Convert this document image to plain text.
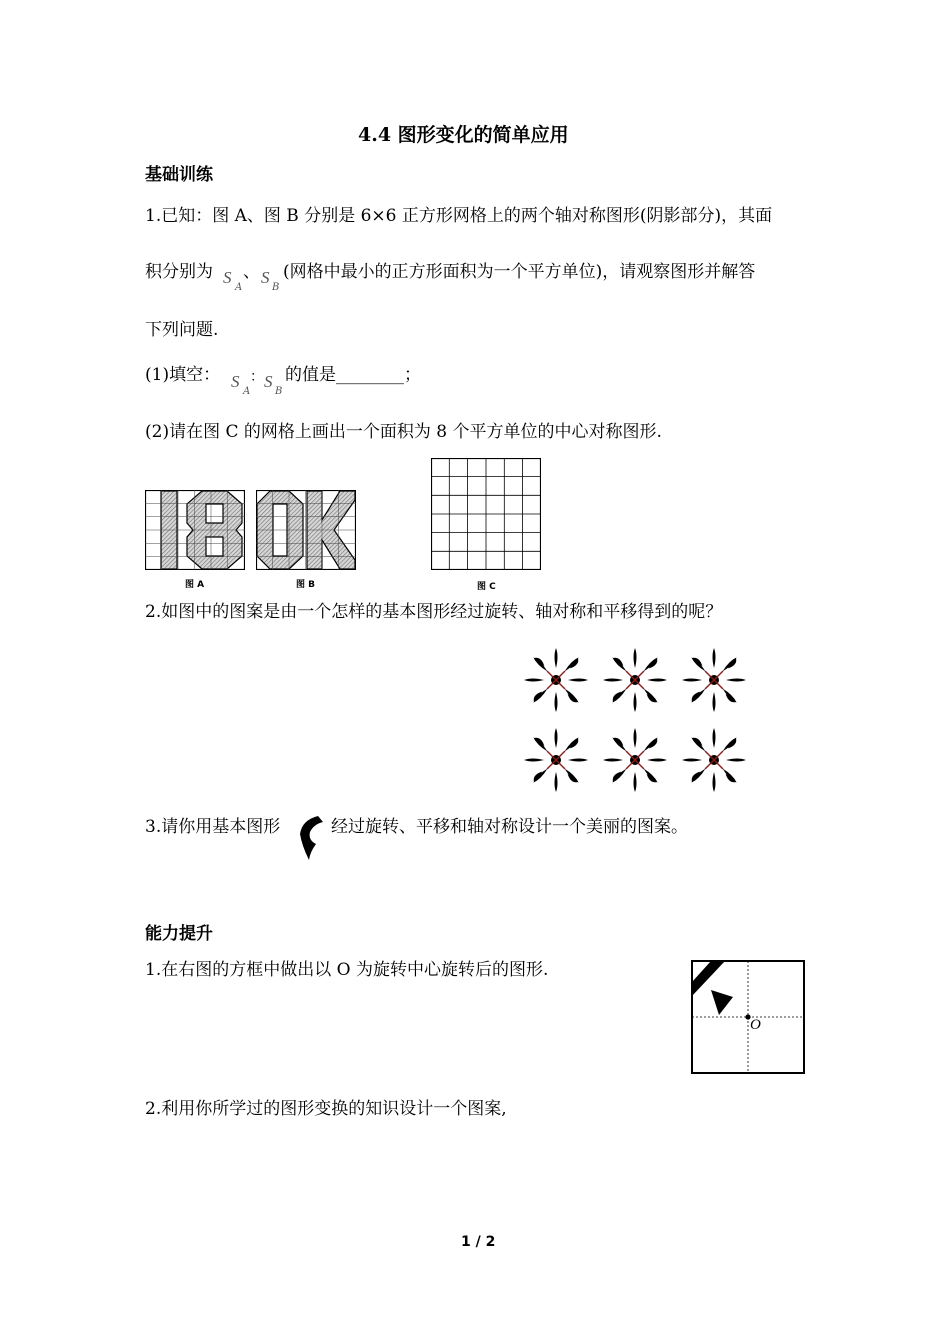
4.4 图形变化的简单应用
基础训练
1.已知：图 A、图 B 分别是 6×6 正方形网格上的两个轴对称图形(阴影部分)，其面
积分别为 S
A
、 S
B
(网格中最小的正方形面积为一个平方单位)，请观察图形并解答
下列问题.
(1)填空： S
A
： S
B
的值是________；
(2)请在图 C 的网格上画出一个面积为 8 个平方单位的中心对称图形.
图 A	图 B	图 C
2.如图中的图案是由一个怎样的基本图形经过旋转、轴对称和平移得到的呢？
3.请你用基本图形	经过旋转、平移和轴对称设计一个美丽的图案。
能力提升
1.在右图的方框中做出以 O 为旋转中心旋转后的图形.
O
2.利用你所学过的图形变换的知识设计一个图案,
1 / 2
